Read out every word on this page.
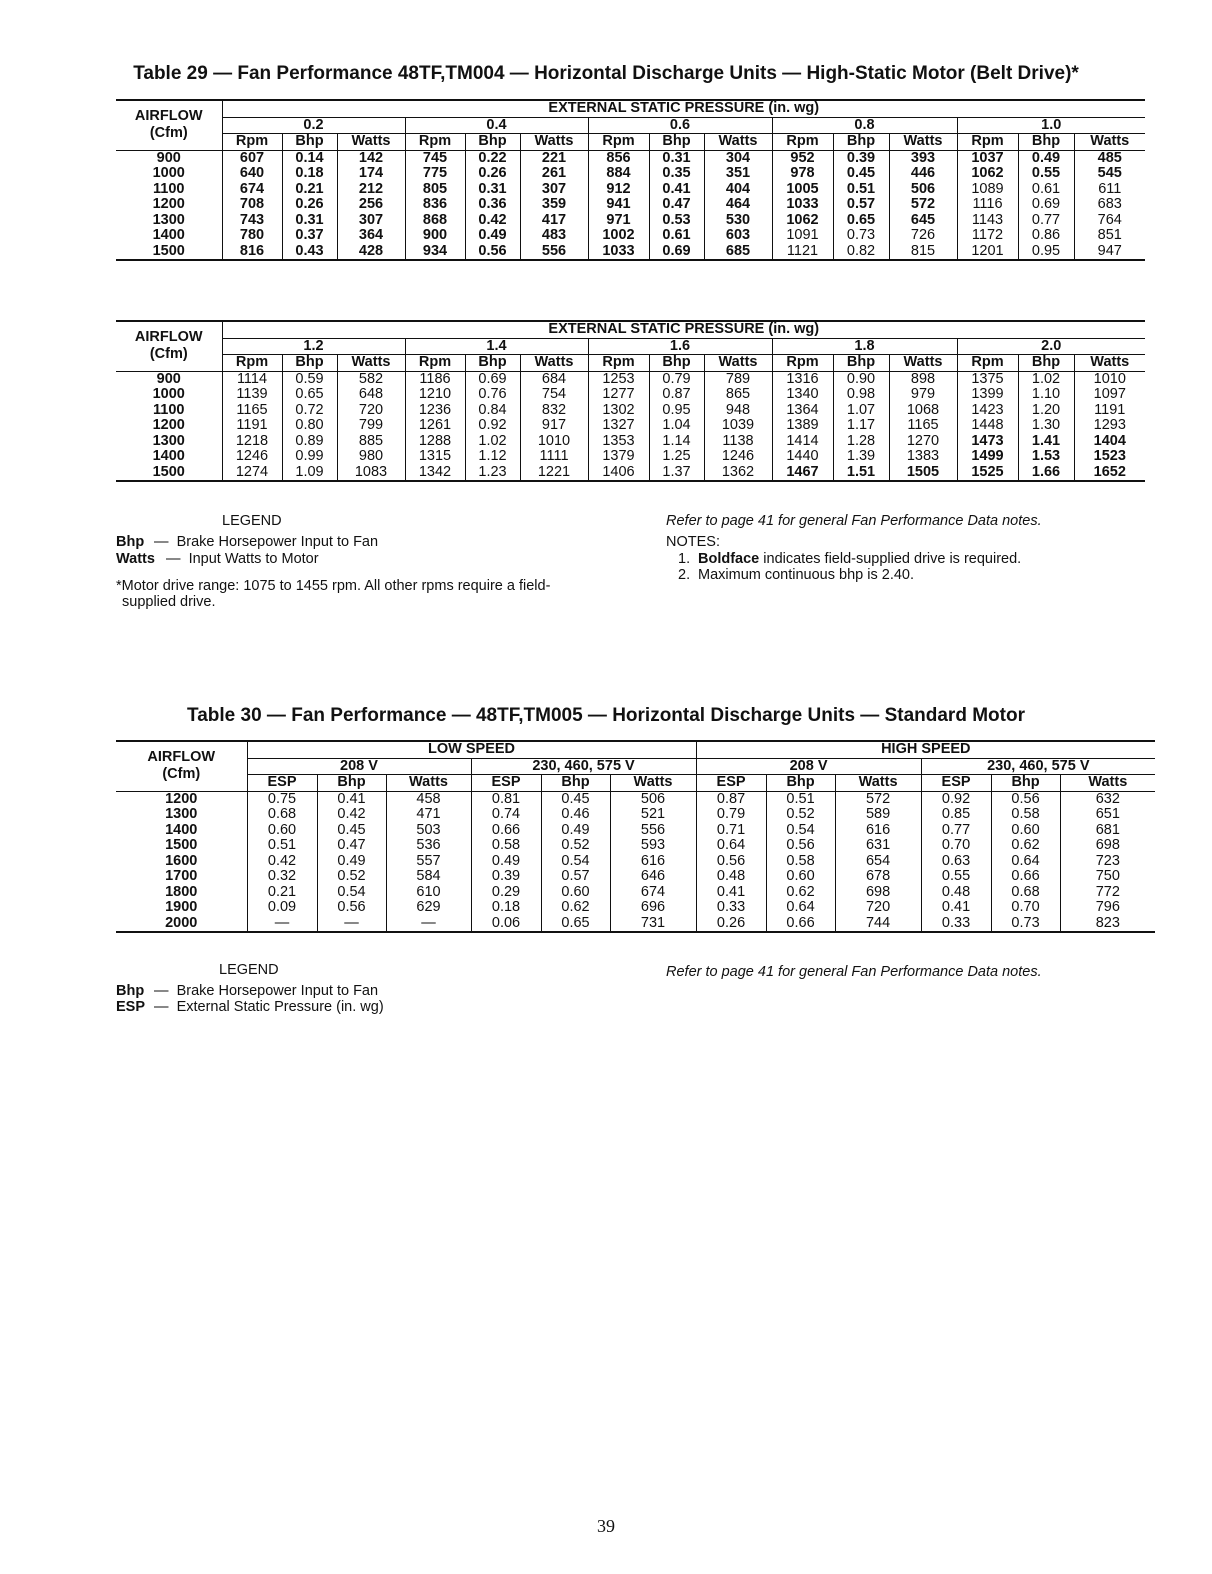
Table 29 — Fan Performance 48TF,TM004 — Horizontal Discharge Units — High-Static Motor (Belt Drive)*
AIRFLOW
(Cfm)	EXTERNAL STATIC PRESSURE (in. wg)														
	0.2			0.4			0.6			0.8			1.0		
	Rpm	Bhp	Watts	Rpm	Bhp	Watts	Rpm	Bhp	Watts	Rpm	Bhp	Watts	Rpm	Bhp	Watts
900	607	0.14	142	745	0.22	221	856	0.31	304	952	0.39	393	1037	0.49	485
1000	640	0.18	174	775	0.26	261	884	0.35	351	978	0.45	446	1062	0.55	545
1100	674	0.21	212	805	0.31	307	912	0.41	404	1005	0.51	506	1089	0.61	611
1200	708	0.26	256	836	0.36	359	941	0.47	464	1033	0.57	572	1116	0.69	683
1300	743	0.31	307	868	0.42	417	971	0.53	530	1062	0.65	645	1143	0.77	764
1400	780	0.37	364	900	0.49	483	1002	0.61	603	1091	0.73	726	1172	0.86	851
1500	816	0.43	428	934	0.56	556	1033	0.69	685	1121	0.82	815	1201	0.95	947
AIRFLOW
(Cfm)	EXTERNAL STATIC PRESSURE (in. wg)														
	1.2			1.4			1.6			1.8			2.0		
	Rpm	Bhp	Watts	Rpm	Bhp	Watts	Rpm	Bhp	Watts	Rpm	Bhp	Watts	Rpm	Bhp	Watts
900	1114	0.59	582	1186	0.69	684	1253	0.79	789	1316	0.90	898	1375	1.02	1010
1000	1139	0.65	648	1210	0.76	754	1277	0.87	865	1340	0.98	979	1399	1.10	1097
1100	1165	0.72	720	1236	0.84	832	1302	0.95	948	1364	1.07	1068	1423	1.20	1191
1200	1191	0.80	799	1261	0.92	917	1327	1.04	1039	1389	1.17	1165	1448	1.30	1293
1300	1218	0.89	885	1288	1.02	1010	1353	1.14	1138	1414	1.28	1270	1473	1.41	1404
1400	1246	0.99	980	1315	1.12	1111	1379	1.25	1246	1440	1.39	1383	1499	1.53	1523
1500	1274	1.09	1083	1342	1.23	1221	1406	1.37	1362	1467	1.51	1505	1525	1.66	1652
LEGEND
Bhp — Brake Horsepower Input to Fan
Watts — Input Watts to Motor
*Motor drive range: 1075 to 1455 rpm. All other rpms require a field-
supplied drive.
Refer to page 41 for general Fan Performance Data notes.
NOTES:
1. Boldface indicates field-supplied drive is required.
2. Maximum continuous bhp is 2.40.
Table 30 — Fan Performance — 48TF,TM005 — Horizontal Discharge Units — Standard Motor
AIRFLOW
(Cfm)	LOW SPEED						HIGH SPEED					
	208 V			230, 460, 575 V			208 V			230, 460, 575 V		
	ESP	Bhp	Watts	ESP	Bhp	Watts	ESP	Bhp	Watts	ESP	Bhp	Watts
1200	0.75	0.41	458	0.81	0.45	506	0.87	0.51	572	0.92	0.56	632
1300	0.68	0.42	471	0.74	0.46	521	0.79	0.52	589	0.85	0.58	651
1400	0.60	0.45	503	0.66	0.49	556	0.71	0.54	616	0.77	0.60	681
1500	0.51	0.47	536	0.58	0.52	593	0.64	0.56	631	0.70	0.62	698
1600	0.42	0.49	557	0.49	0.54	616	0.56	0.58	654	0.63	0.64	723
1700	0.32	0.52	584	0.39	0.57	646	0.48	0.60	678	0.55	0.66	750
1800	0.21	0.54	610	0.29	0.60	674	0.41	0.62	698	0.48	0.68	772
1900	0.09	0.56	629	0.18	0.62	696	0.33	0.64	720	0.41	0.70	796
2000	—	—	—	0.06	0.65	731	0.26	0.66	744	0.33	0.73	823
LEGEND
Bhp — Brake Horsepower Input to Fan
ESP — External Static Pressure (in. wg)
Refer to page 41 for general Fan Performance Data notes.
39
